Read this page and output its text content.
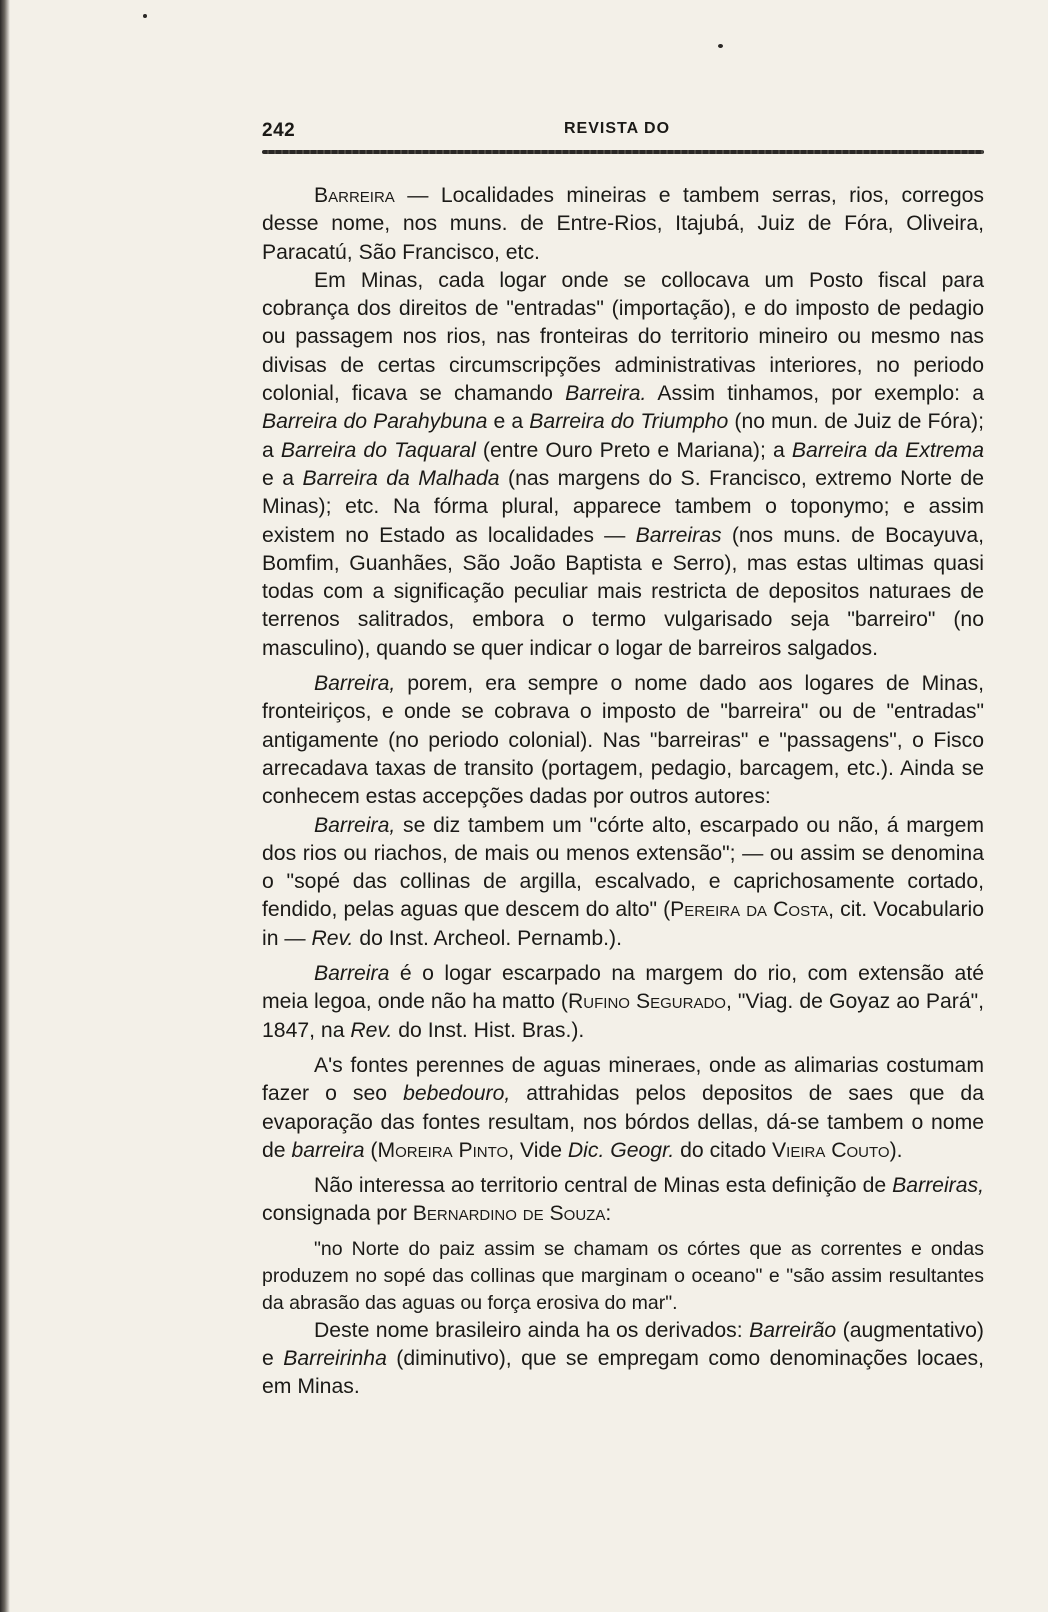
242	REVISTA DO

Barreira — Localidades mineiras e tambem serras, rios, corregos desse nome, nos muns. de Entre-Rios, Itajubá, Juiz de Fóra, Oliveira, Paracatú, São Francisco, etc.

Em Minas, cada logar onde se collocava um Posto fiscal para cobrança dos direitos de "entradas" (importação), e do imposto de pedagio ou passagem nos rios, nas fronteiras do territorio mineiro ou mesmo nas divisas de certas circumscripções administrativas interiores, no periodo colonial, ficava se chamando Barreira. Assim tinhamos, por exemplo: a Barreira do Parahybuna e a Barreira do Triumpho (no mun. de Juiz de Fóra); a Barreira do Taquaral (entre Ouro Preto e Mariana); a Barreira da Extrema e a Barreira da Malhada (nas margens do S. Francisco, extremo Norte de Minas); etc. Na fórma plural, apparece tambem o toponymo; e assim existem no Estado as localidades — Barreiras (nos muns. de Bocayuva, Bomfim, Guanhães, São João Baptista e Serro), mas estas ultimas quasi todas com a significação peculiar mais restricta de depositos naturaes de terrenos salitrados, embora o termo vulgarisado seja "barreiro" (no masculino), quando se quer indicar o logar de barreiros salgados.

Barreira, porem, era sempre o nome dado aos logares de Minas, fronteiriços, e onde se cobrava o imposto de "barreira" ou de "entradas" antigamente (no periodo colonial). Nas "barreiras" e "passagens", o Fisco arrecadava taxas de transito (portagem, pedagio, barcagem, etc.). Ainda se conhecem estas accepções dadas por outros autores:

Barreira, se diz tambem um "córte alto, escarpado ou não, á margem dos rios ou riachos, de mais ou menos extensão"; — ou assim se denomina o "sopé das collinas de argilla, escalvado, e caprichosamente cortado, fendido, pelas aguas que descem do alto" (Pereira da Costa, cit. Vocabulario in — Rev. do Inst. Archeol. Pernamb.).

Barreira é o logar escarpado na margem do rio, com extensão até meia legoa, onde não ha matto (Rufino Segurado, "Viag. de Goyaz ao Pará", 1847, na Rev. do Inst. Hist. Bras.).

A's fontes perennes de aguas mineraes, onde as alimarias costumam fazer o seo bebedouro, attrahidas pelos depositos de saes que da evaporação das fontes resultam, nos bórdos dellas, dá-se tambem o nome de barreira (Moreira Pinto, Vide Dic. Geogr. do citado Vieira Couto).

Não interessa ao territorio central de Minas esta definição de Barreiras, consignada por Bernardino de Souza:

"no Norte do paiz assim se chamam os córtes que as correntes e ondas produzem no sopé das collinas que marginam o oceano" e "são assim resultantes da abrasão das aguas ou força erosiva do mar".

Deste nome brasileiro ainda ha os derivados: Barreirão (augmentativo) e Barreirinha (diminutivo), que se empregam como denominações locaes, em Minas.
